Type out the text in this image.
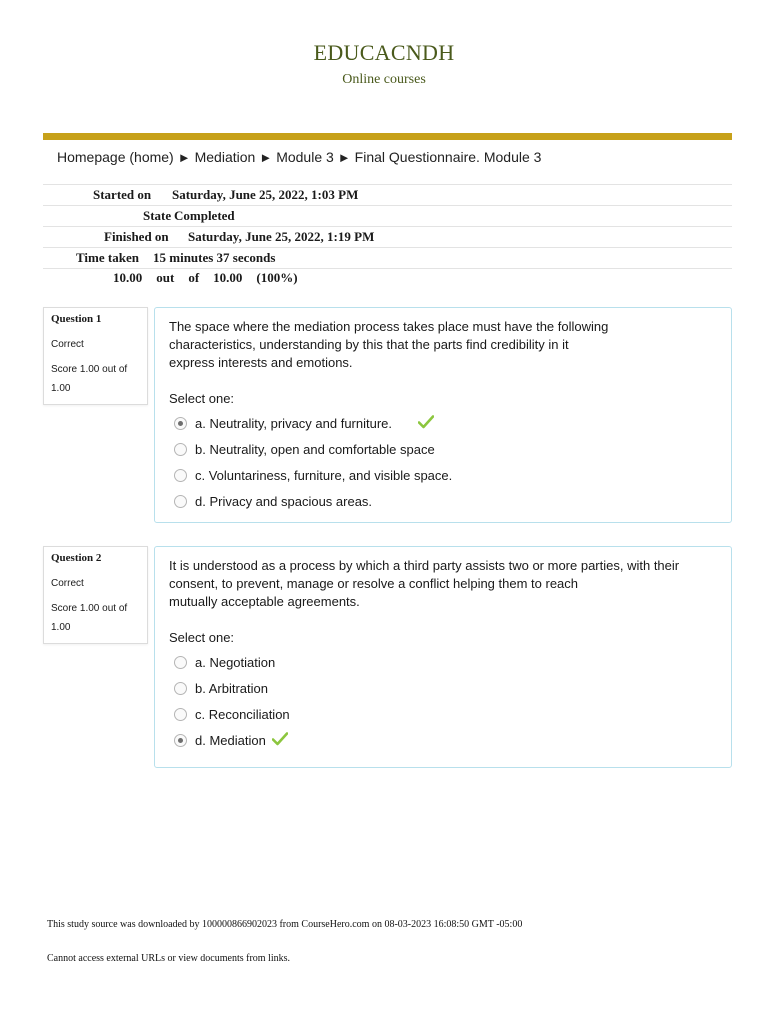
EDUCACNDH
Online courses
Homepage (home) ► Mediation ► Module 3 ► Final Questionnaire. Module 3
Started on Saturday, June 25, 2022, 1:03 PM
State Completed
Finished on Saturday, June 25, 2022, 1:19 PM
Time taken 15 minutes 37 seconds
10.00 out of 10.00 (100%)
Question 1
Correct
Score 1.00 out of 1.00
The space where the mediation process takes place must have the following
characteristics, understanding by this that the parts find credibility in it
express interests and emotions.
Select one:
a. Neutrality, privacy and furniture.
b. Neutrality, open and comfortable space
c. Voluntariness, furniture, and visible space.
d. Privacy and spacious areas.
Question 2
Correct
Score 1.00 out of 1.00
It is understood as a process by which a third party assists two or more parties, with their
consent, to prevent, manage or resolve a conflict helping them to reach
mutually acceptable agreements.
Select one:
a. Negotiation
b. Arbitration
c. Reconciliation
d. Mediation
This study source was downloaded by 100000866902023 from CourseHero.com on 08-03-2023 16:08:50 GMT -05:00
Cannot access external URLs or view documents from links.
